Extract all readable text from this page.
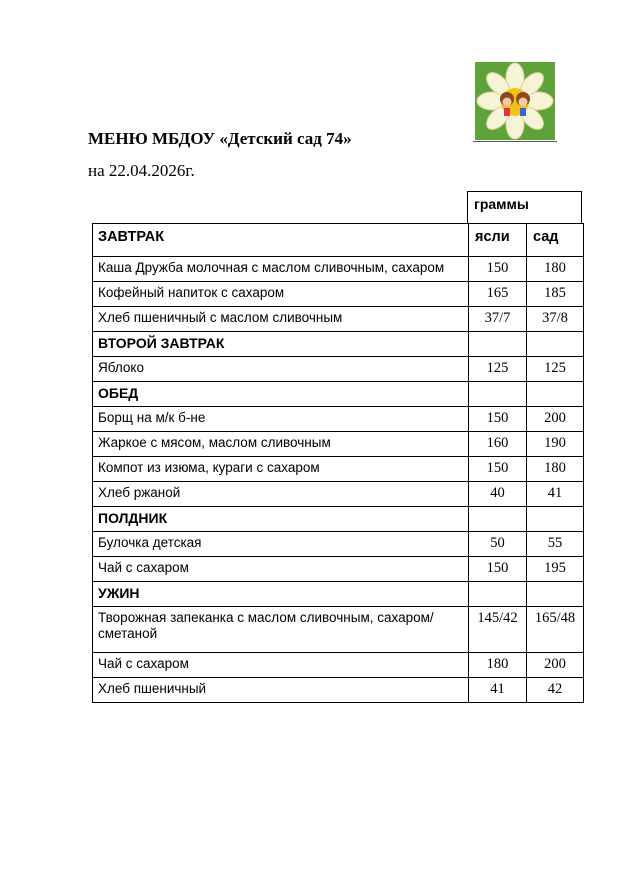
МЕНЮ МБДОУ «Детский сад 74»
на 22.04.2026г.
граммы
ЗАВТРАК	ясли	сад
Каша Дружба молочная с маслом сливочным, сахаром	150	180
Кофейный напиток с сахаром	165	185
Хлеб пшеничный с маслом сливочным	37/7	37/8
ВТОРОЙ ЗАВТРАК		
Яблоко	125	125
ОБЕД		
Борщ на м/к б-не	150	200
Жаркое с мясом, маслом сливочным	160	190
Компот из изюма, кураги с сахаром	150	180
Хлеб ржаной	40	41
ПОЛДНИК		
Булочка детская	50	55
Чай с сахаром	150	195
УЖИН		
Творожная запеканка с маслом сливочным, сахаром/сметаной	145/42	165/48
Чай с сахаром	180	200
Хлеб пшеничный	41	42
